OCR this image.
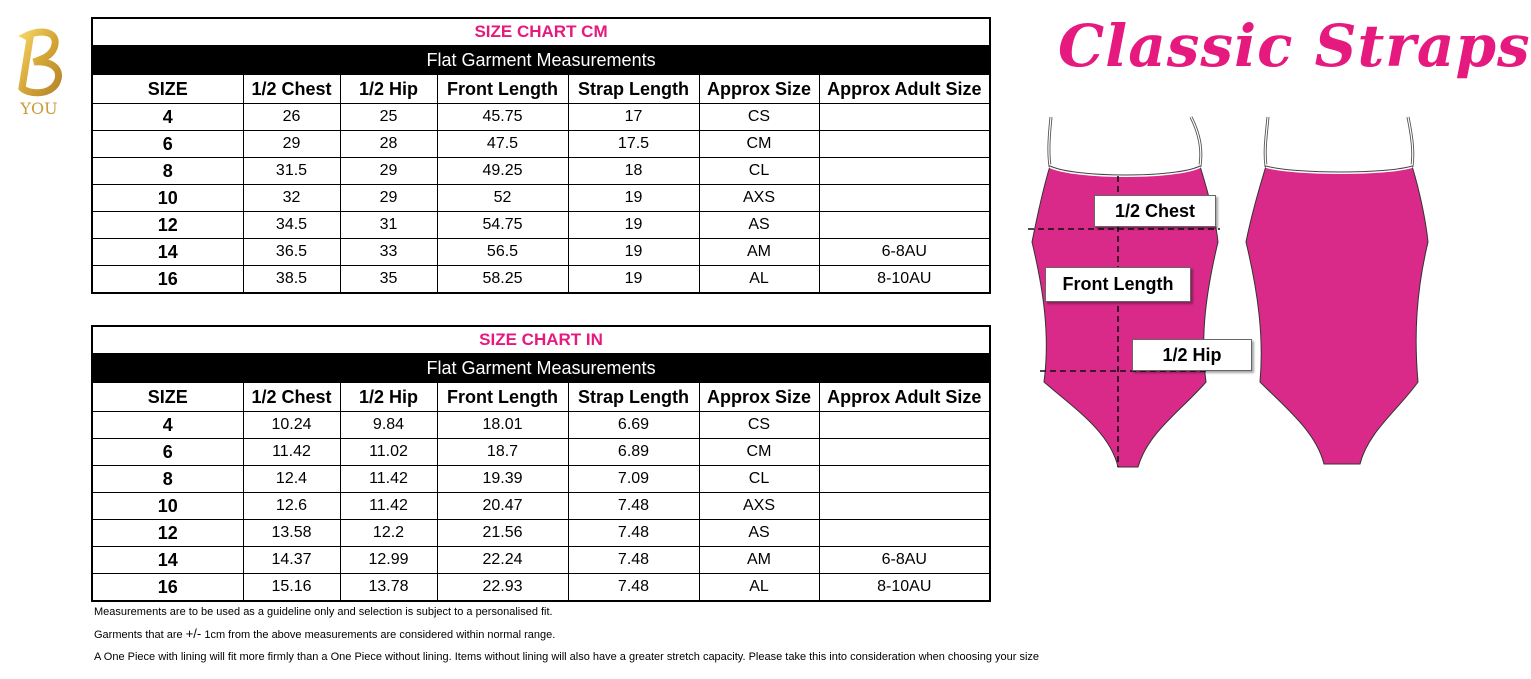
YOU
SIZE CHART CM						
Flat Garment Measurements						
SIZE	1/2 Chest	1/2 Hip	Front Length	Strap Length	Approx Size	Approx Adult Size
4	26	25	45.75	17	CS	
6	29	28	47.5	17.5	CM	
8	31.5	29	49.25	18	CL	
10	32	29	52	19	AXS	
12	34.5	31	54.75	19	AS	
14	36.5	33	56.5	19	AM	6-8AU
16	38.5	35	58.25	19	AL	8-10AU
SIZE CHART IN						
Flat Garment Measurements						
SIZE	1/2 Chest	1/2 Hip	Front Length	Strap Length	Approx Size	Approx Adult Size
4	10.24	9.84	18.01	6.69	CS	
6	11.42	11.02	18.7	6.89	CM	
8	12.4	11.42	19.39	7.09	CL	
10	12.6	11.42	20.47	7.48	AXS	
12	13.58	12.2	21.56	7.48	AS	
14	14.37	12.99	22.24	7.48	AM	6-8AU
16	15.16	13.78	22.93	7.48	AL	8-10AU

Measurements are to be used as a guideline only and selection is subject to a personalised fit.

Garments that are +/- 1cm from the above measurements are considered within normal range.

A One Piece with lining will fit more firmly than a One Piece without lining. Items without lining will also have a greater stretch capacity. Please take this into consideration when choosing your size

Classic Straps
1/2 Chest
Front Length
1/2 Hip
